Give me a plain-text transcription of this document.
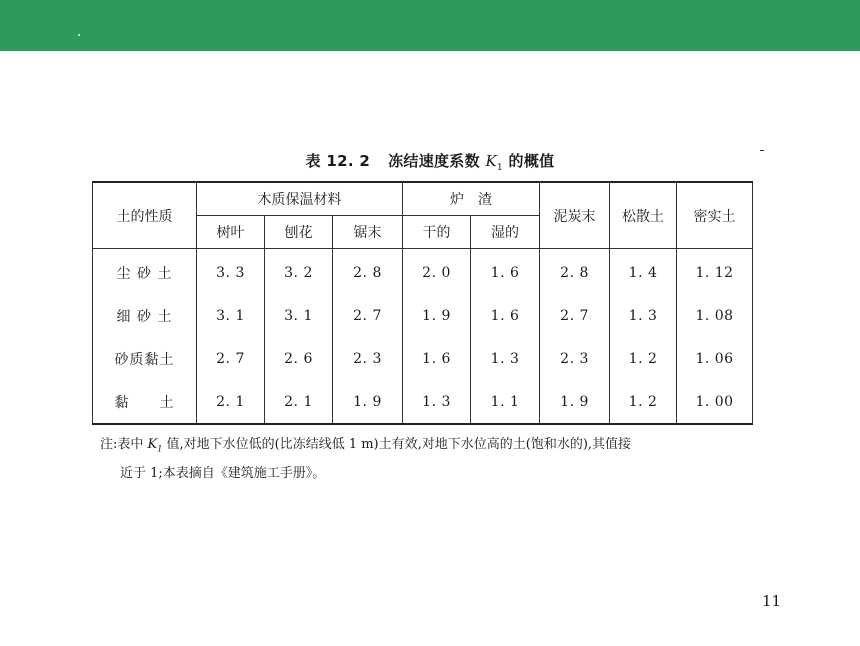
表 12. 2 冻结速度系数 $K_1$ 的概值
土的性质	木质保温材料			炉　渣		泥炭末	松散土	密实土
	树叶	刨花	锯末	干的	湿的			
尘 砂 土	3. 3	3. 2	2. 8	2. 0	1. 6	2. 8	1. 4	1. 12
细 砂 土	3. 1	3. 1	2. 7	1. 9	1. 6	2. 7	1. 3	1. 08
砂质黏土	2. 7	2. 6	2. 3	1. 6	1. 3	2. 3	1. 2	1. 06
黏　　土	2. 1	2. 1	1. 9	1. 3	1. 1	1. 9	1. 2	1. 00
注:表中 $K_1$ 值,对地下水位低的(比冻结线低 1 m)土有效,对地下水位高的土(饱和水的),其值接
近于 1;本表摘自《建筑施工手册》。
11
